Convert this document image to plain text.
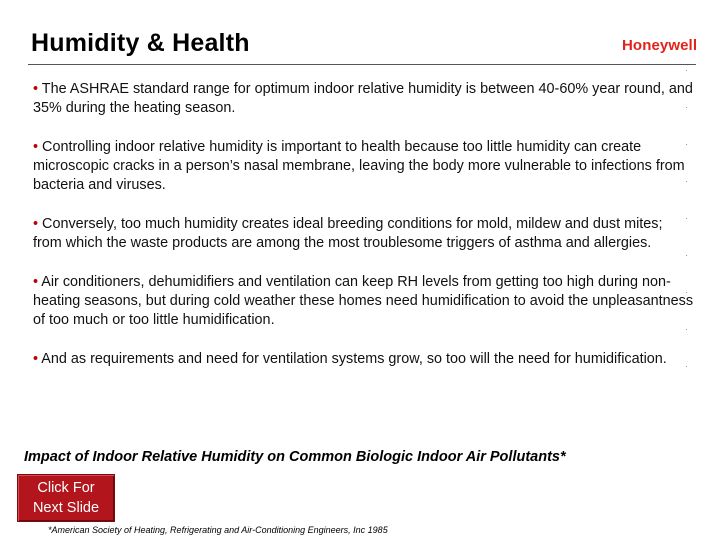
Humidity & Health	Honeywell
• The ASHRAE standard range for optimum indoor relative humidity is between 40-60% year round, and 35% during the heating season.
• Controlling indoor relative humidity is important to health because too little humidity can create microscopic cracks in a person’s nasal membrane, leaving the body more vulnerable to infections from bacteria and viruses.
• Conversely, too much humidity creates ideal breeding conditions for mold, mildew and dust mites; from which the waste products are among the most troublesome triggers of asthma and allergies.
• Air conditioners, dehumidifiers and ventilation can keep RH levels from getting too high during non-heating seasons, but during cold weather these homes need humidification to avoid the unpleasantness of too much or too little humidification.
• And as requirements and need for ventilation systems grow, so too will the need for humidification.

Impact of Indoor Relative Humidity on Common Biologic Indoor Air Pollutants*

Click For
Next Slide

*American Society of Heating, Refrigerating and Air-Conditioning Engineers, Inc 1985
